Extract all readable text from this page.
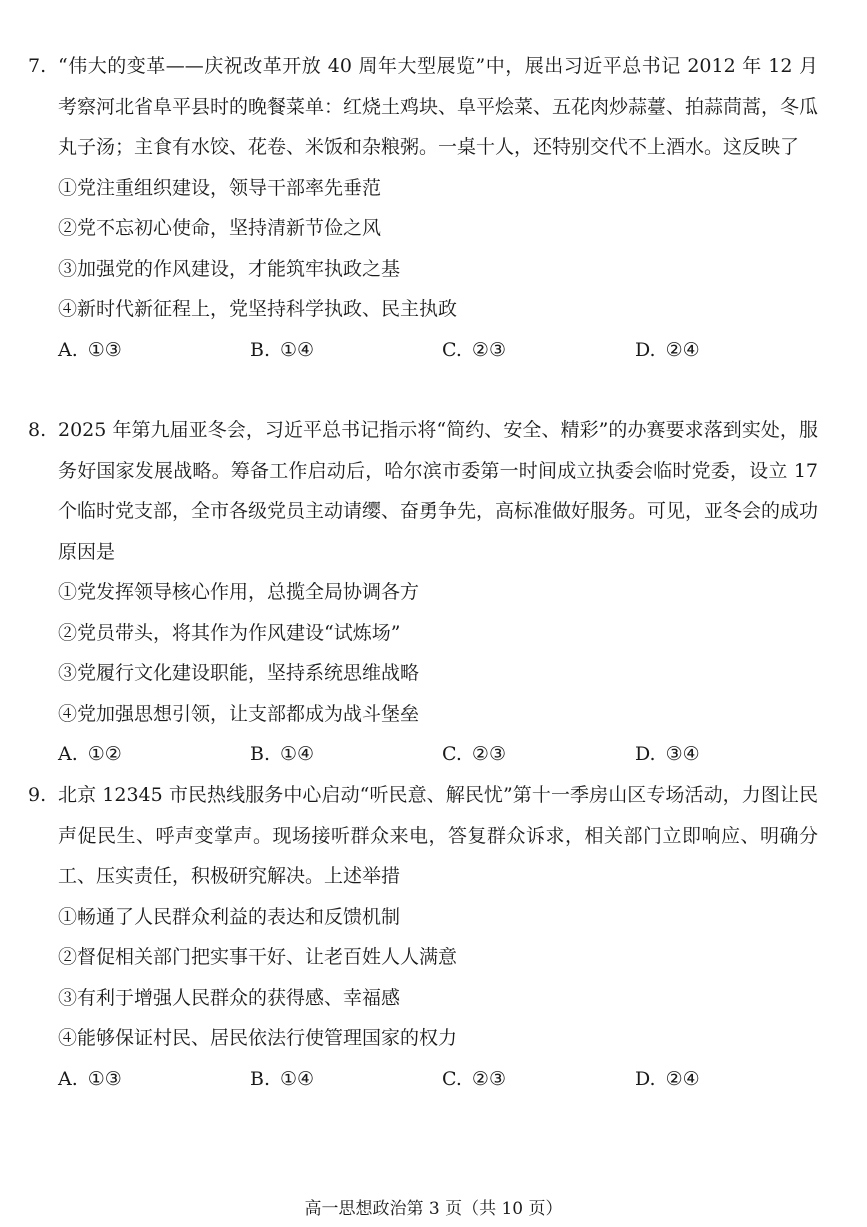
7. “伟大的变革——庆祝改革开放 40 周年大型展览”中，展出习近平总书记 2012 年 12 月考察河北省阜平县时的晚餐菜单：红烧土鸡块、阜平烩菜、五花肉炒蒜薹、拍蒜茼蒿，冬瓜丸子汤；主食有水饺、花卷、米饭和杂粮粥。一桌十人，还特别交代不上酒水。这反映了
①党注重组织建设，领导干部率先垂范
②党不忘初心使命，坚持清新节俭之风
③加强党的作风建设，才能筑牢执政之基
④新时代新征程上，党坚持科学执政、民主执政
A. ①③	B. ①④	C. ②③	D. ②④
8. 2025 年第九届亚冬会，习近平总书记指示将“简约、安全、精彩”的办赛要求落到实处，服务好国家发展战略。筹备工作启动后，哈尔滨市委第一时间成立执委会临时党委，设立 17 个临时党支部，全市各级党员主动请缨、奋勇争先，高标准做好服务。可见，亚冬会的成功原因是
①党发挥领导核心作用，总揽全局协调各方
②党员带头，将其作为作风建设“试炼场”
③党履行文化建设职能，坚持系统思维战略
④党加强思想引领，让支部都成为战斗堡垒
A. ①②	B. ①④	C. ②③	D. ③④
9. 北京 12345 市民热线服务中心启动“听民意、解民忧”第十一季房山区专场活动，力图让民声促民生、呼声变掌声。现场接听群众来电，答复群众诉求，相关部门立即响应、明确分工、压实责任，积极研究解决。上述举措
①畅通了人民群众利益的表达和反馈机制
②督促相关部门把实事干好、让老百姓人人满意
③有利于增强人民群众的获得感、幸福感
④能够保证村民、居民依法行使管理国家的权力
A. ①③	B. ①④	C. ②③	D. ②④
高一思想政治第 3 页（共 10 页）
